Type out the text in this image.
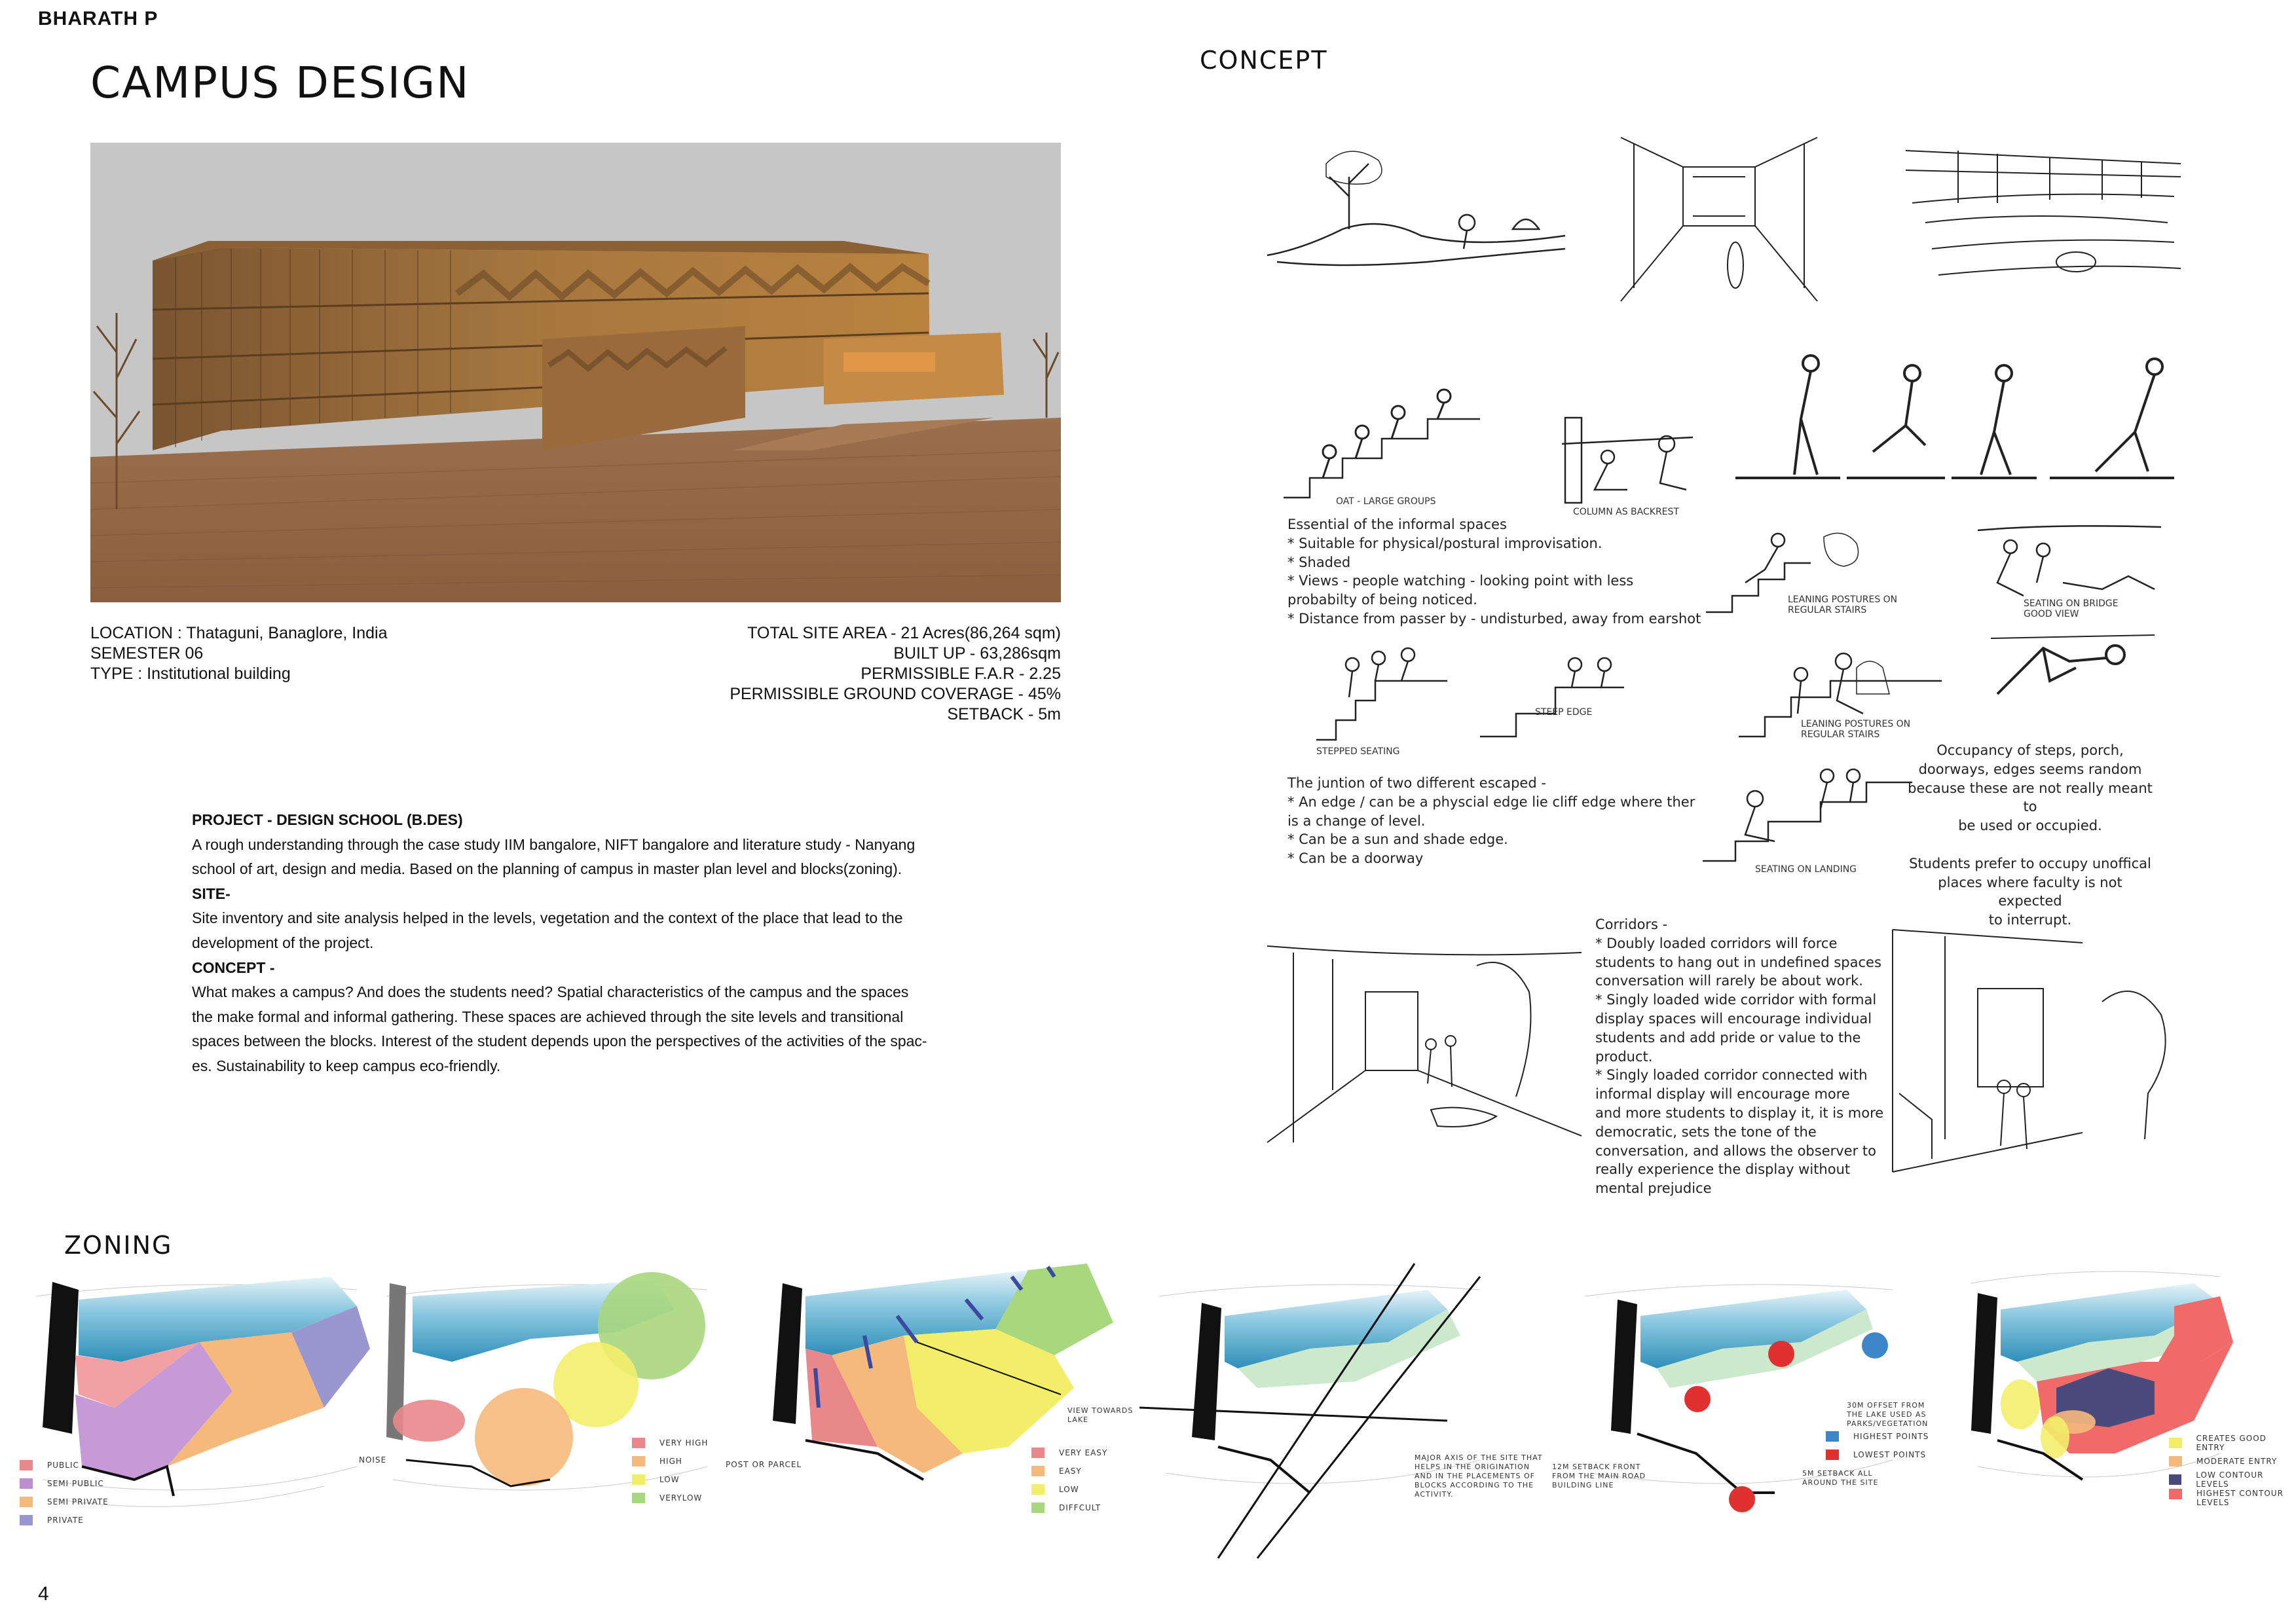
BHARATH P
CAMPUS DESIGN
LOCATION : Thataguni, Banaglore, India
SEMESTER 06
TYPE : Institutional building
TOTAL SITE AREA - 21 Acres(86,264 sqm)
BUILT UP - 63,286sqm
PERMISSIBLE F.A.R - 2.25
PERMISSIBLE GROUND COVERAGE - 45%
SETBACK - 5m
PROJECT - DESIGN SCHOOL (B.DES)
A rough understanding through the case study IIM bangalore, NIFT bangalore and literature study - Nanyang
school of art, design and media. Based on the planning of campus in master plan level and blocks(zoning).
SITE-
Site inventory and site analysis helped in the levels, vegetation and the context of the place that lead to the
development of the project.
CONCEPT -
What makes a campus? And does the students need? Spatial characteristics of the campus and the spaces
the make formal and informal gathering. These spaces are achieved through the site levels and transitional
spaces between the blocks. Interest of the student depends upon the perspectives of the activities of the spac-
es. Sustainability to keep campus eco-friendly.
CONCEPT
OAT - LARGE GROUPS
COLUMN AS BACKREST
Essential of the informal spaces
* Suitable for physical/postural improvisation.
* Shaded
* Views - people watching - looking point with less
probabilty of being noticed.
* Distance from passer by - undisturbed, away from earshot
LEANING POSTURES ON
REGULAR STAIRS
SEATING ON BRIDGE
GOOD VIEW
STEPPED SEATING
STEEP EDGE
LEANING POSTURES ON
REGULAR STAIRS
The juntion of two different escaped -
* An edge / can be a physcial edge lie cliff edge where ther
is a change of level.
* Can be a sun and shade edge.
* Can be a doorway
SEATING ON LANDING
Occupancy of steps, porch,
doorways, edges seems random
because these are not really meant to
be used or occupied.

Students prefer to occupy unoffical
places where faculty is not expected
to interrupt.
Corridors -
* Doubly loaded corridors will force
students to hang out in undefined spaces
conversation will rarely be about work.
* Singly loaded wide corridor with formal
display spaces will encourage individual
students and add pride or value to the
product.
* Singly loaded corridor connected with
informal display will encourage more
and more students to display it, it is more
democratic, sets the tone of the
conversation, and allows the observer to
really experience the display without
mental prejudice
ZONING
PUBLIC
SEMI PUBLIC
SEMI PRIVATE
PRIVATE
NOISE
VERY HIGH
HIGH
LOW
VERYLOW
POST OR PARCEL
VIEW TOWARDS
LAKE
VERY EASY
EASY
LOW
DIFFCULT
MAJOR AXIS OF THE SITE THAT
HELPS IN THE ORIGINATION
AND IN THE PLACEMENTS OF
BLOCKS ACCORDING TO THE
ACTIVITY.
12M SETBACK FRONT
FROM THE MAIN ROAD
BUILDING LINE
30M OFFSET FROM
THE LAKE USED AS
PARKS/VEGETATION
5M SETBACK ALL
AROUND THE SITE
HIGHEST POINTS
LOWEST POINTS
CREATES GOOD ENTRY
MODERATE ENTRY
LOW CONTOUR LEVELS
HIGHEST CONTOUR
LEVELS
4
